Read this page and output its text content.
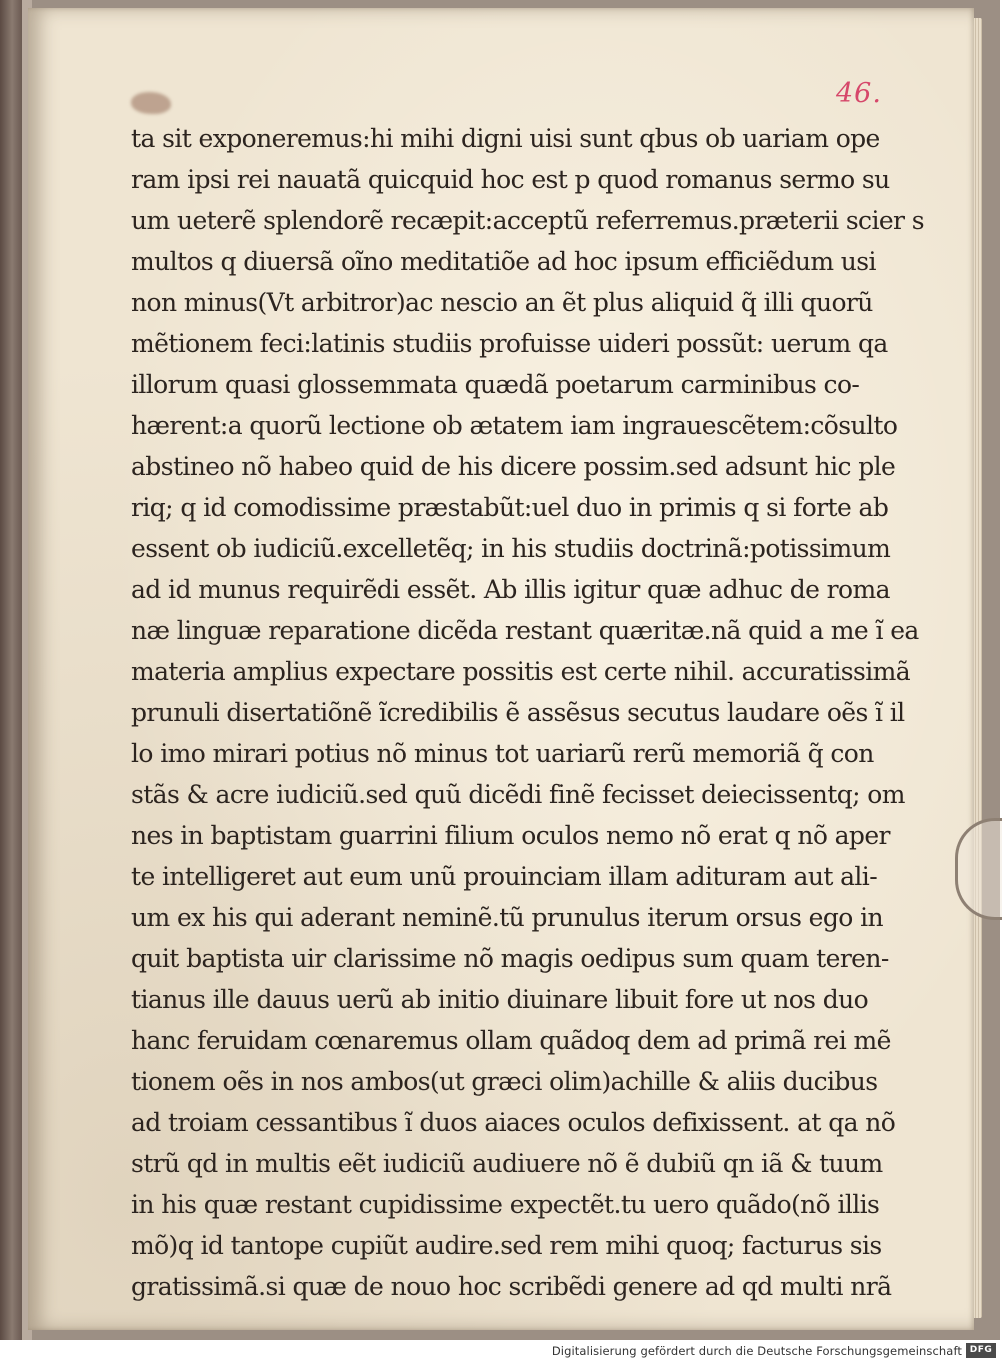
46.
ta sit exponeremus:hi mihi digni uisi sunt qbus ob uariam ope
ram ipsi rei nauatã quicquid hoc est p quod romanus sermo su
um ueterẽ splendorẽ recæpit:acceptũ referremus.præterii scier s
multos q diuersã oĩno meditatiõe ad hoc ipsum efficiẽdum usi
non minus(Vt arbitror)ac nescio an ẽt plus aliquid q̃ illi quorũ
mẽtionem feci:latinis studiis profuisse uideri possũt: uerum qa
illorum quasi glossemmata quædã poetarum carminibus co-
hærent:a quorũ lectione ob ætatem iam ingrauescẽtem:cõsulto
abstineo nõ habeo quid de his dicere possim.sed adsunt hic ple
riq; q id comodissime præstabũt:uel duo in primis q si forte ab
essent ob iudiciũ.excelletẽq; in his studiis doctrinã:potissimum
ad id munus requirẽdi essẽt. Ab illis igitur quæ adhuc de roma
næ linguæ reparatione dicẽda restant quæritæ.nã quid a me ĩ ea
materia amplius expectare possitis est certe nihil. accuratissimã
prunuli disertatiõnẽ ĩcredibilis ẽ assẽsus secutus laudare oẽs ĩ il
lo imo mirari potius nõ minus tot uariarũ rerũ memoriã q̃ con
stãs & acre iudiciũ.sed quũ dicẽdi finẽ fecisset deiecissentq; om
nes in baptistam guarrini filium oculos nemo nõ erat q nõ aper
te intelligeret aut eum unũ prouinciam illam adituram aut ali-
um ex his qui aderant neminẽ.tũ prunulus iterum orsus ego in
quit baptista uir clarissime nõ magis oedipus sum quam teren-
tianus ille dauus uerũ ab initio diuinare libuit fore ut nos duo
hanc feruidam cœnaremus ollam quãdoq dem ad primã rei mẽ
tionem oẽs in nos ambos(ut græci olim)achille & aliis ducibus
ad troiam cessantibus ĩ duos aiaces oculos defixissent. at qa nõ
strũ qd in multis eẽt iudiciũ audiuere nõ ẽ dubiũ qn iã & tuum
in his quæ restant cupidissime expectẽt.tu uero quãdo(nõ illis
mõ)q id tantope cupiũt audire.sed rem mihi quoq; facturus sis
gratissimã.si quæ de nouo hoc scribẽdi genere ad qd multi nrã
Digitalisierung gefördert durch die Deutsche Forschungsgemeinschaft DFG
